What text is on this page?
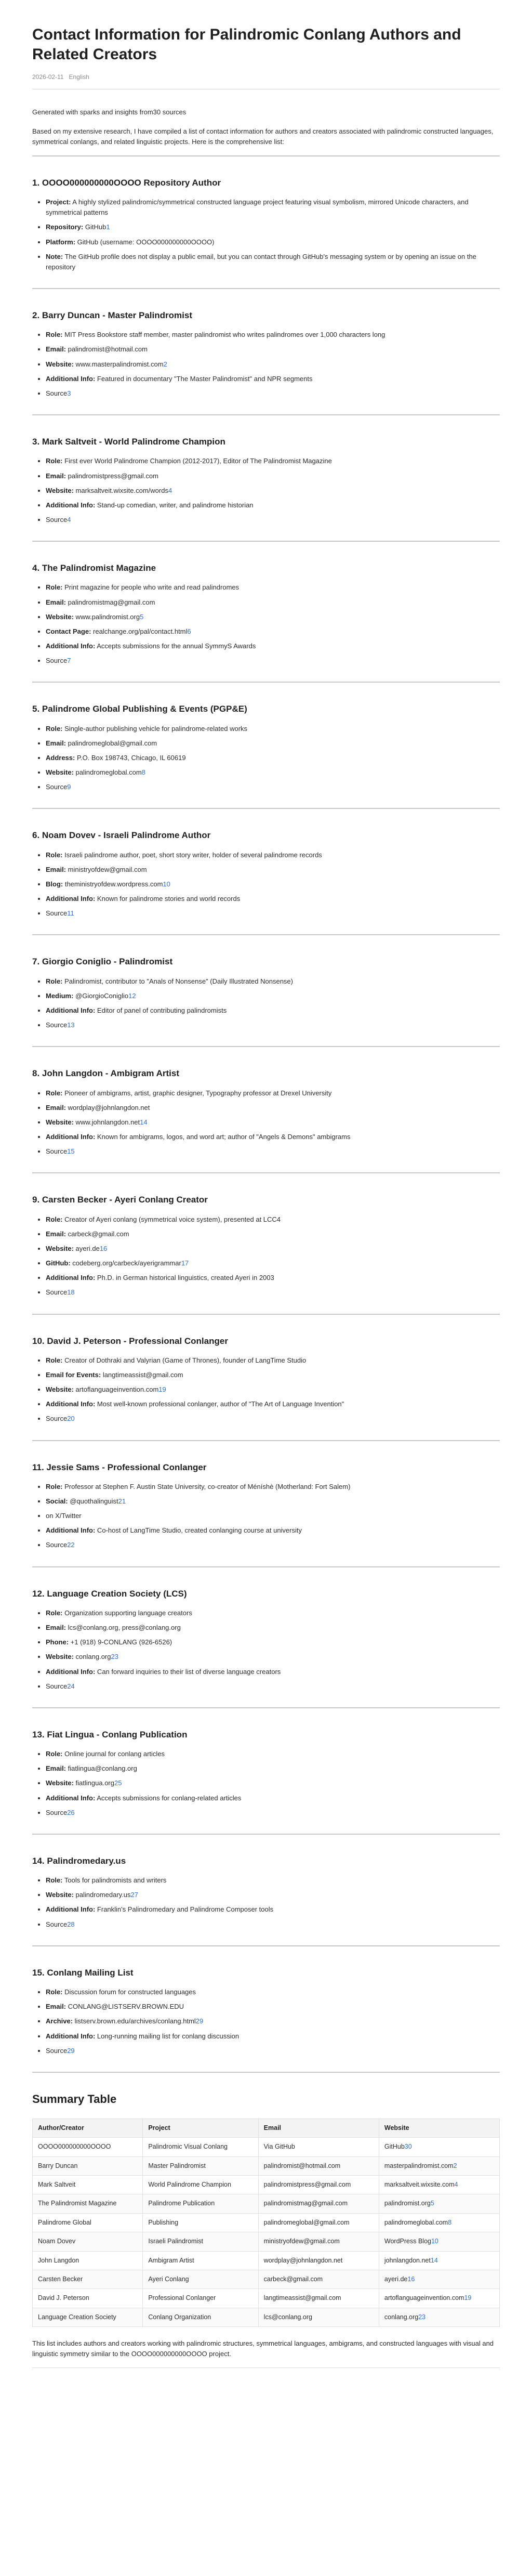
Contact Information for Palindromic Conlang Authors and Related Creators
2026-02-11 English

Generated with sparks and insights from30 sources

Based on my extensive research, I have compiled a list of contact information for authors and creators associated with palindromic constructed languages, symmetrical conlangs, and related linguistic projects. Here is the comprehensive list:

1. OOOO000000000OOOO Repository Author
• Project: A highly stylized palindromic/symmetrical constructed language project featuring visual symbolism, mirrored Unicode characters, and symmetrical patterns
• Repository: GitHub1
• Platform: GitHub (username: OOOO000000000OOOO)
• Note: The GitHub profile does not display a public email, but you can contact through GitHub's messaging system or by opening an issue on the repository
2. Barry Duncan - Master Palindromist
• Role: MIT Press Bookstore staff member, master palindromist who writes palindromes over 1,000 characters long
• Email: palindromist@hotmail.com
• Website: www.masterpalindromist.com2
• Additional Info: Featured in documentary "The Master Palindromist" and NPR segments
• Source3
3. Mark Saltveit - World Palindrome Champion
• Role: First ever World Palindrome Champion (2012-2017), Editor of The Palindromist Magazine
• Email: palindromistpress@gmail.com
• Website: marksaltveit.wixsite.com/words4
• Additional Info: Stand-up comedian, writer, and palindrome historian
• Source4
4. The Palindromist Magazine
• Role: Print magazine for people who write and read palindromes
• Email: palindromistmag@gmail.com
• Website: www.palindromist.org5
• Contact Page: realchange.org/pal/contact.html6
• Additional Info: Accepts submissions for the annual SymmyS Awards
• Source7
5. Palindrome Global Publishing & Events (PGP&E)
• Role: Single-author publishing vehicle for palindrome-related works
• Email: palindromeglobal@gmail.com
• Address: P.O. Box 198743, Chicago, IL 60619
• Website: palindromeglobal.com8
• Source9
6. Noam Dovev - Israeli Palindrome Author
• Role: Israeli palindrome author, poet, short story writer, holder of several palindrome records
• Email: ministryofdew@gmail.com
• Blog: theministryofdew.wordpress.com10
• Additional Info: Known for palindrome stories and world records
• Source11
7. Giorgio Coniglio - Palindromist
• Role: Palindromist, contributor to "Anals of Nonsense" (Daily Illustrated Nonsense)
• Medium: @GiorgioConiglio12
• Additional Info: Editor of panel of contributing palindromists
• Source13
8. John Langdon - Ambigram Artist
• Role: Pioneer of ambigrams, artist, graphic designer, Typography professor at Drexel University
• Email: wordplay@johnlangdon.net
• Website: www.johnlangdon.net14
• Additional Info: Known for ambigrams, logos, and word art; author of "Angels & Demons" ambigrams
• Source15
9. Carsten Becker - Ayeri Conlang Creator
• Role: Creator of Ayeri conlang (symmetrical voice system), presented at LCC4
• Email: carbeck@gmail.com
• Website: ayeri.de16
• GitHub: codeberg.org/carbeck/ayerigrammar17
• Additional Info: Ph.D. in German historical linguistics, created Ayeri in 2003
• Source18
10. David J. Peterson - Professional Conlanger
• Role: Creator of Dothraki and Valyrian (Game of Thrones), founder of LangTime Studio
• Email for Events: langtimeassist@gmail.com
• Website: artoflanguageinvention.com19
• Additional Info: Most well-known professional conlanger, author of "The Art of Language Invention"
• Source20
11. Jessie Sams - Professional Conlanger
• Role: Professor at Stephen F. Austin State University, co-creator of Méníshè (Motherland: Fort Salem)
• Social: @quothalinguist21
• on X/Twitter
• Additional Info: Co-host of LangTime Studio, created conlanging course at university
• Source22
12. Language Creation Society (LCS)
• Role: Organization supporting language creators
• Email: lcs@conlang.org, press@conlang.org
• Phone: +1 (918) 9-CONLANG (926-6526)
• Website: conlang.org23
• Additional Info: Can forward inquiries to their list of diverse language creators
• Source24
13. Fiat Lingua - Conlang Publication
• Role: Online journal for conlang articles
• Email: fiatlingua@conlang.org
• Website: fiatlingua.org25
• Additional Info: Accepts submissions for conlang-related articles
• Source26
14. Palindromedary.us
• Role: Tools for palindromists and writers
• Website: palindromedary.us27
• Additional Info: Franklin's Palindromedary and Palindrome Composer tools
• Source28
15. Conlang Mailing List
• Role: Discussion forum for constructed languages
• Email: CONLANG@LISTSERV.BROWN.EDU
• Archive: listserv.brown.edu/archives/conlang.html29
• Additional Info: Long-running mailing list for conlang discussion
• Source29
Summary Table
Author/Creator	Project	Email	Website
OOOO000000000OOOO	Palindromic Visual Conlang	Via GitHub	GitHub30
Barry Duncan	Master Palindromist	palindromist@hotmail.com	masterpalindromist.com2
Mark Saltveit	World Palindrome Champion	palindromistpress@gmail.com	marksaltveit.wixsite.com4
The Palindromist Magazine	Palindrome Publication	palindromistmag@gmail.com	palindromist.org5
Palindrome Global	Publishing	palindromeglobal@gmail.com	palindromeglobal.com8
Noam Dovev	Israeli Palindromist	ministryofdew@gmail.com	WordPress Blog10
John Langdon	Ambigram Artist	wordplay@johnlangdon.net	johnlangdon.net14
Carsten Becker	Ayeri Conlang	carbeck@gmail.com	ayeri.de16
David J. Peterson	Professional Conlanger	langtimeassist@gmail.com	artoflanguageinvention.com19
Language Creation Society	Conlang Organization	lcs@conlang.org	conlang.org23

This list includes authors and creators working with palindromic structures, symmetrical languages, ambigrams, and constructed languages with visual and linguistic symmetry similar to the OOOO000000000OOOO project.
